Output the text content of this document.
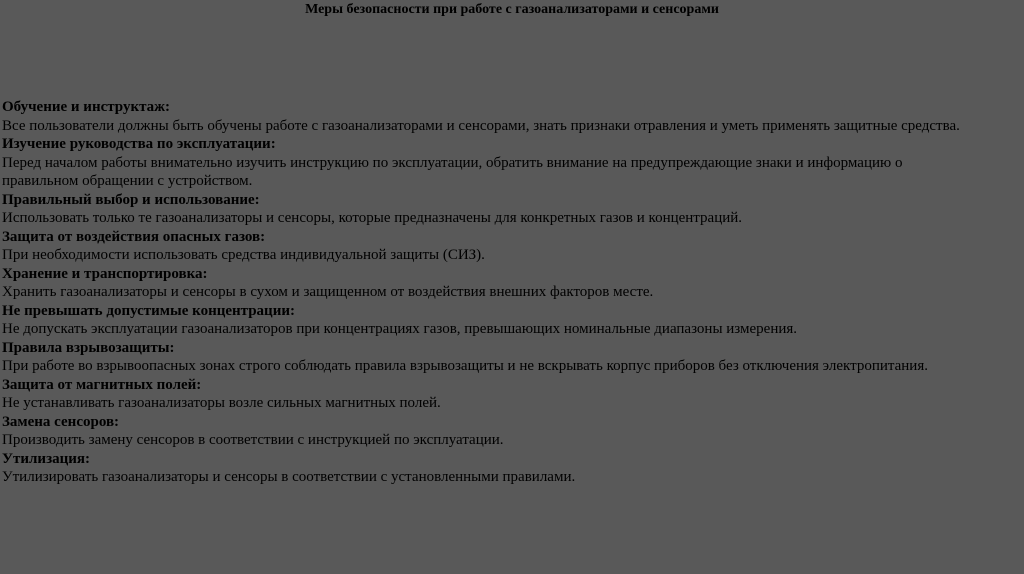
Меры безопасности при работе с газоанализаторами и сенсорами

Обучение и инструктаж:

Все пользователи должны быть обучены работе с газоанализаторами и сенсорами, знать признаки отравления и уметь применять защитные средства.

Изучение руководства по эксплуатации:

Перед началом работы внимательно изучить инструкцию по эксплуатации, обратить внимание на предупреждающие знаки и информацию о правильном обращении с устройством.

Правильный выбор и использование:

Использовать только те газоанализаторы и сенсоры, которые предназначены для конкретных газов и концентраций.

Защита от воздействия опасных газов:

При необходимости использовать средства индивидуальной защиты (СИЗ).

Хранение и транспортировка:

Хранить газоанализаторы и сенсоры в сухом и защищенном от воздействия внешних факторов месте.

Не превышать допустимые концентрации:

Не допускать эксплуатации газоанализаторов при концентрациях газов, превышающих номинальные диапазоны измерения.

Правила взрывозащиты:

При работе во взрывоопасных зонах строго соблюдать правила взрывозащиты и не вскрывать корпус приборов без отключения электропитания.

Защита от магнитных полей:

Не устанавливать газоанализаторы возле сильных магнитных полей.

Замена сенсоров:

Производить замену сенсоров в соответствии с инструкцией по эксплуатации.

Утилизация:

Утилизировать газоанализаторы и сенсоры в соответствии с установленными правилами.
